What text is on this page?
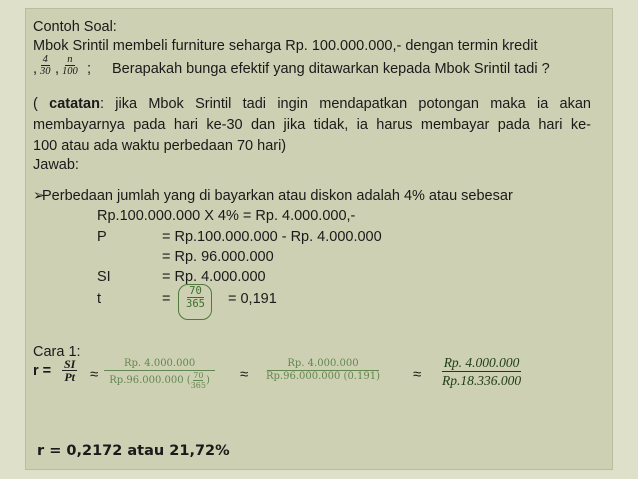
Contoh Soal:

Mbok Srintil membeli furniture seharga Rp. 100.000.000,- dengan termin kredit

, $\frac{4}{30}$ , $\frac{n}{100}$ ; Berapakah bunga efektif yang ditawarkan kepada Mbok Srintil tadi ?

( catatan: jika Mbok Srintil tadi ingin mendapatkan potongan maka ia akan

membayarnya pada hari ke-30 dan jika tidak, ia harus membayar pada hari ke-

100 atau ada waktu perbedaan 70 hari)

Jawab:

➢Perbedaan jumlah yang di bayarkan atau diskon adalah 4% atau sebesar

Rp.100.000.000 X 4% = Rp. 4.000.000,-

P	= Rp.100.000.000 - Rp. 4.000.000

= Rp. 96.000.000

SI	= Rp. 4.000.000

t	= $\frac{70}{365} = 0,191$

Cara 1:

$r = \frac{SI}{Pt} \approx Rp$. 4.000.000
Rp.96.000.000 ( 70
365 ) ≈ $\frac{Rp. 4.000.000}{Rp.96.000.000 (0.191)} \approx \frac{Rp. 4.000.000}{Rp.18.336.000}$

r = 0,2172 atau 21,72%
